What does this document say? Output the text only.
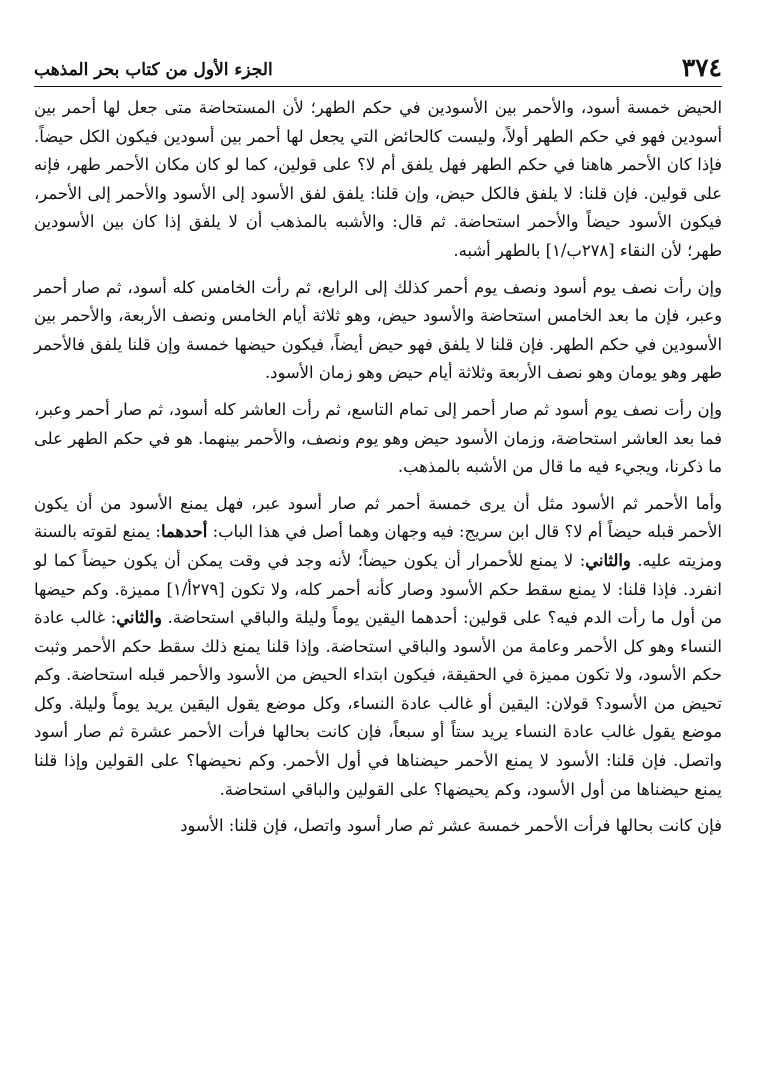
٣٧٤
الجزء الأول من كتاب بحر المذهب

الحيض خمسة أسود، والأحمر بين الأسودين في حكم الطهر؛ لأن المستحاضة متى جعل لها أحمر بين أسودين فهو في حكم الطهر أولاً، وليست كالحائض التي يجعل لها أحمر بين أسودين فيكون الكل حيضاً. فإذا كان الأحمر هاهنا في حكم الطهر فهل يلفق أم لا؟ على قولين، كما لو كان مكان الأحمر طهر، فإنه على قولين. فإن قلنا: لا يلفق فالكل حيض، وإن قلنا: يلفق لفق الأسود إلى الأسود والأحمر إلى الأحمر، فيكون الأسود حيضاً والأحمر استحاضة. ثم قال: والأشبه بالمذهب أن لا يلفق إذا كان بين الأسودين طهر؛ لأن النقاء [٢٧٨ب/١] بالطهر أشبه.

وإن رأت نصف يوم أسود ونصف يوم أحمر كذلك إلى الرابع، ثم رأت الخامس كله أسود، ثم صار أحمر وعبر، فإن ما بعد الخامس استحاضة والأسود حيض، وهو ثلاثة أيام الخامس ونصف الأربعة، والأحمر بين الأسودين في حكم الطهر. فإن قلنا لا يلفق فهو حيض أيضاً، فيكون حيضها خمسة وإن قلنا يلفق فالأحمر طهر وهو يومان وهو نصف الأربعة وثلاثة أيام حيض وهو زمان الأسود.

وإن رأت نصف يوم أسود ثم صار أحمر إلى تمام التاسع، ثم رأت العاشر كله أسود، ثم صار أحمر وعبر، فما بعد العاشر استحاضة، وزمان الأسود حيض وهو يوم ونصف، والأحمر بينهما. هو في حكم الطهر على ما ذكرنا، ويجيء فيه ما قال من الأشبه بالمذهب.

وأما الأحمر ثم الأسود مثل أن يرى خمسة أحمر ثم صار أسود عبر، فهل يمنع الأسود من أن يكون الأحمر قبله حيضاً أم لا؟ قال ابن سريج: فيه وجهان وهما أصل في هذا الباب: أحدهما: يمنع لقوته بالسنة ومزيته عليه. والثاني: لا يمنع للأحمرار أن يكون حيضاً؛ لأنه وجد في وقت يمكن أن يكون حيضاً كما لو انفرد. فإذا قلنا: لا يمنع سقط حكم الأسود وصار كأنه أحمر كله، ولا تكون [٢٧٩أ/١] مميزة. وكم حيضها من أول ما رأت الدم فيه؟ على قولين: أحدهما اليقين يوماً وليلة والباقي استحاضة. والثاني: غالب عادة النساء وهو كل الأحمر وعامة من الأسود والباقي استحاضة. وإذا قلنا يمنع ذلك سقط حكم الأحمر وثبت حكم الأسود، ولا تكون مميزة في الحقيقة، فيكون ابتداء الحيض من الأسود والأحمر قبله استحاضة. وكم تحيض من الأسود؟ قولان: اليقين أو غالب عادة النساء، وكل موضع يقول اليقين يريد يوماً وليلة. وكل موضع يقول غالب عادة النساء يريد ستاً أو سبعاً، فإن كانت بحالها فرأت الأحمر عشرة ثم صار أسود واتصل. فإن قلنا: الأسود لا يمنع الأحمر حيضناها في أول الأحمر. وكم نحيضها؟ على القولين وإذا قلنا يمنع حيضناها من أول الأسود، وكم يحيضها؟ على القولين والباقي استحاضة.

فإن كانت بحالها فرأت الأحمر خمسة عشر ثم صار أسود واتصل، فإن قلنا: الأسود
